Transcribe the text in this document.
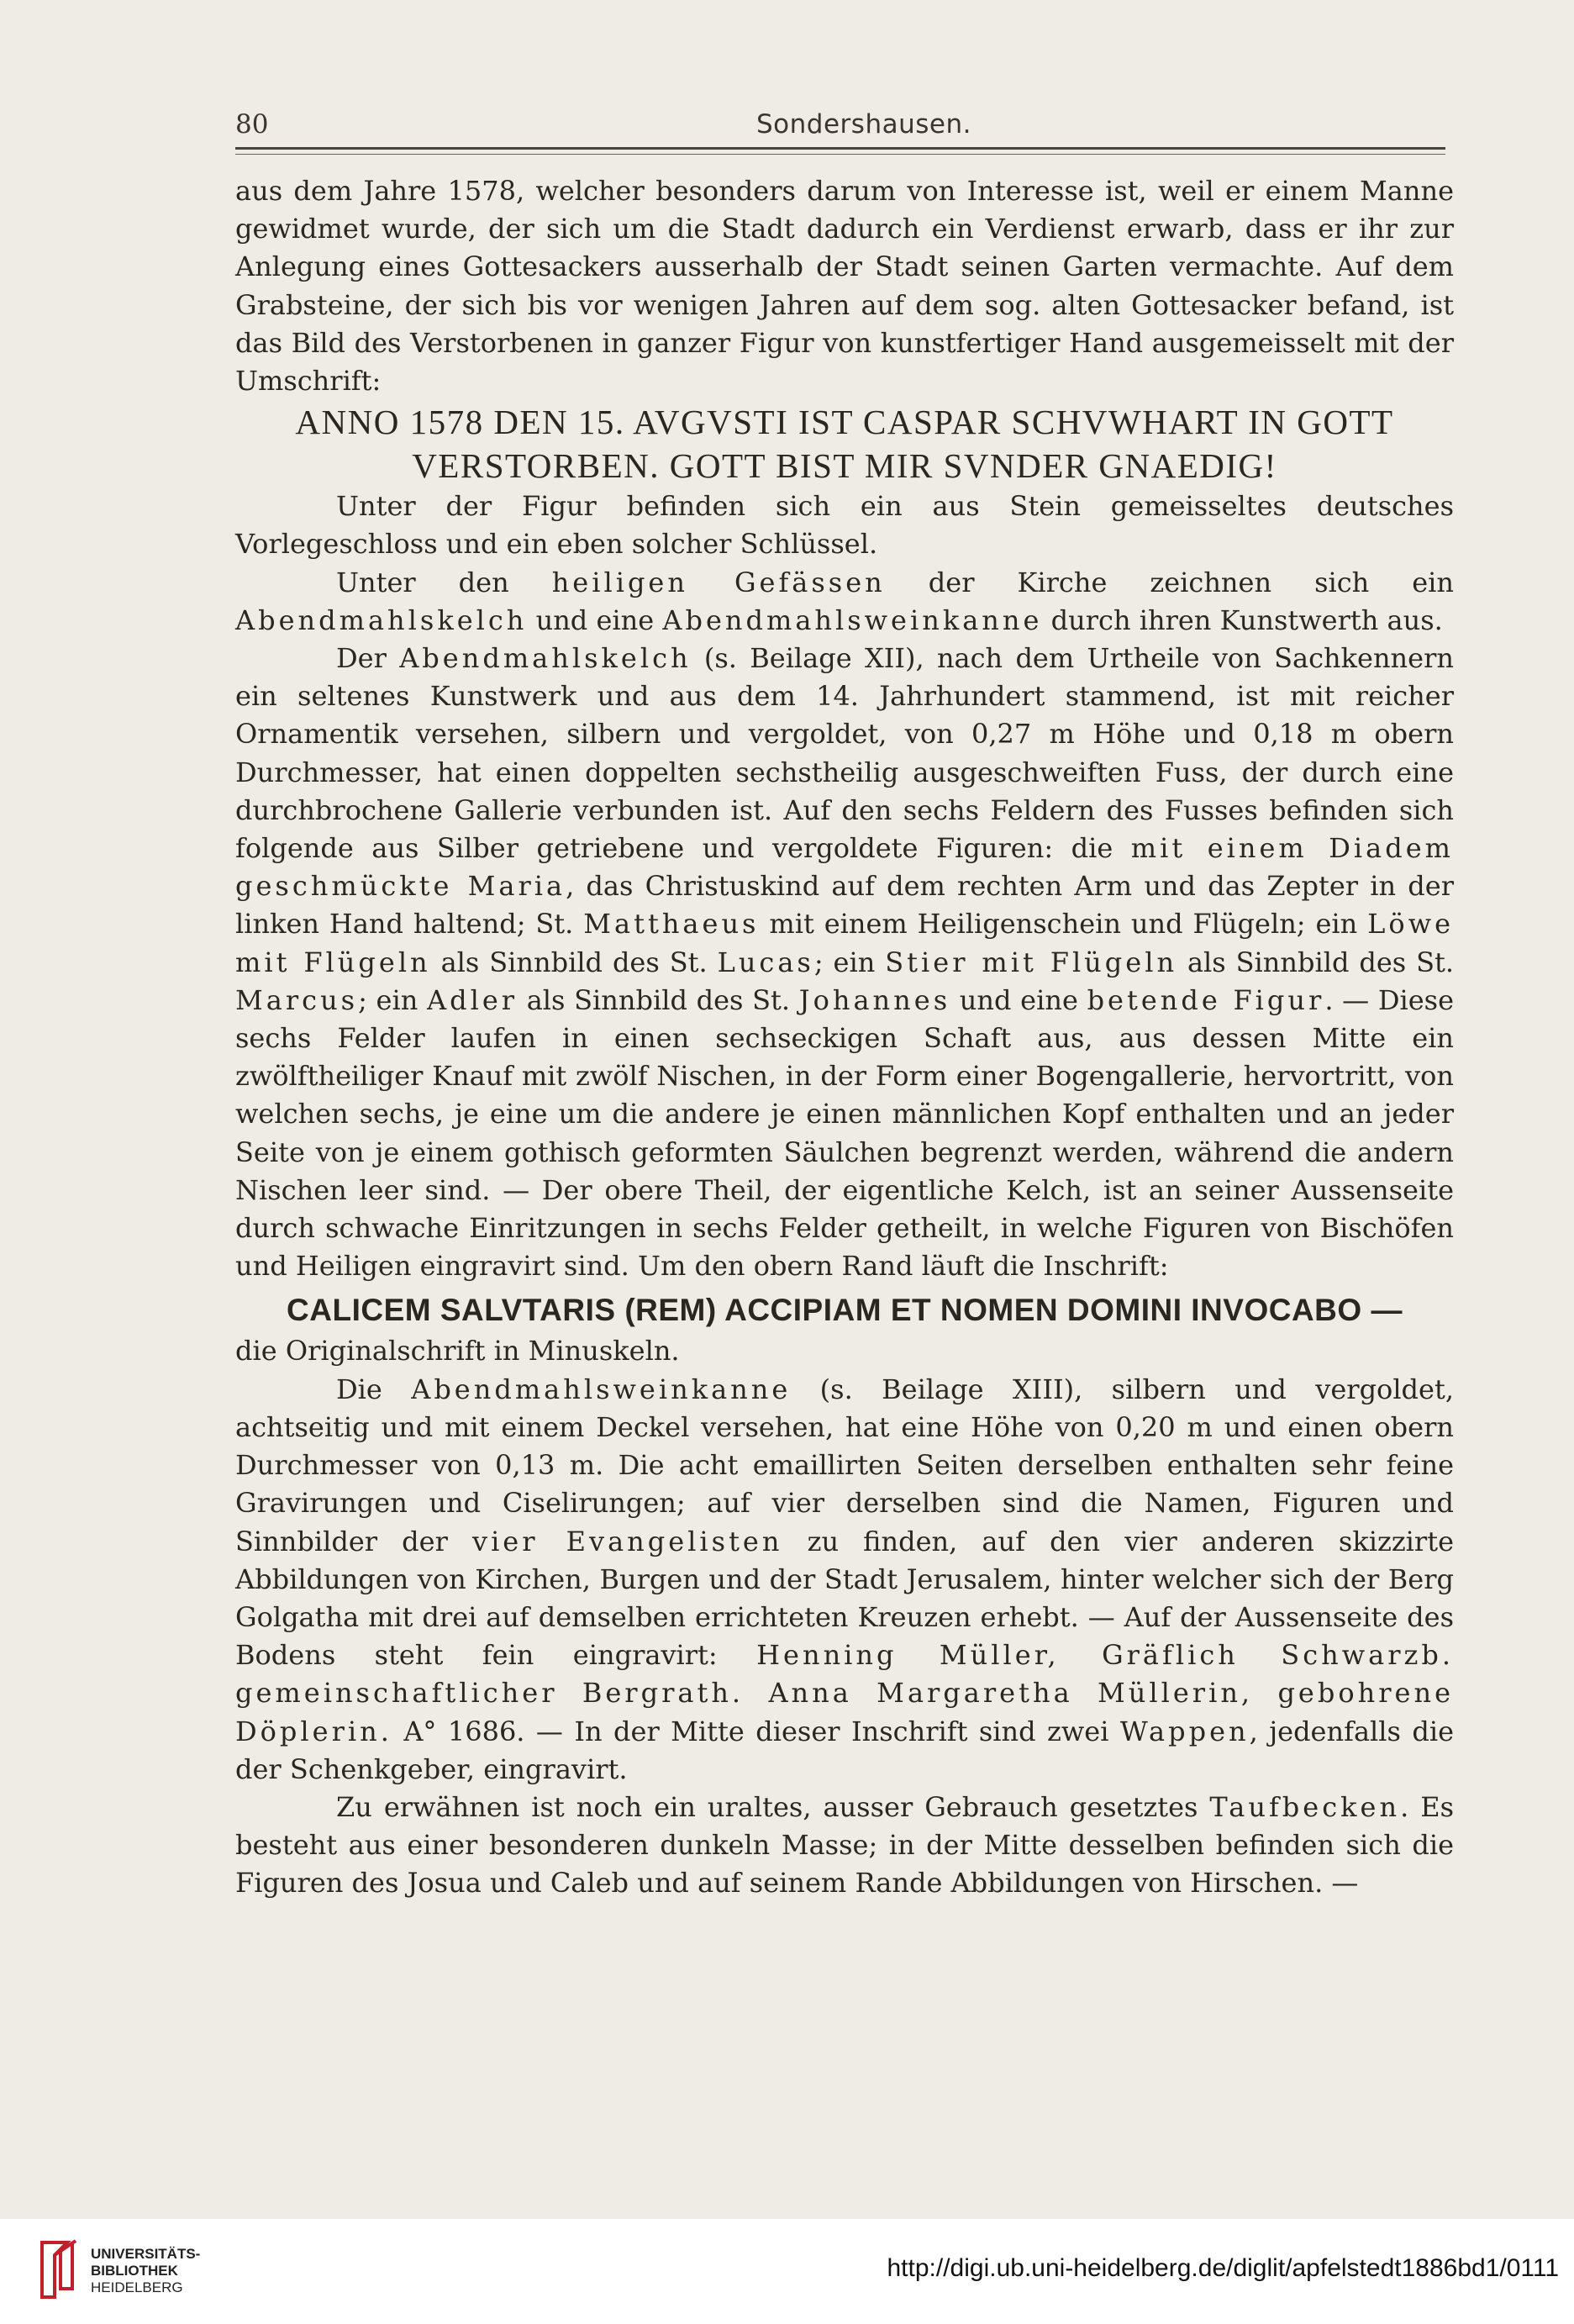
80	Sondershausen.

aus dem Jahre 1578, welcher besonders darum von Interesse ist, weil er einem Manne gewidmet wurde, der sich um die Stadt dadurch ein Verdienst erwarb, dass er ihr zur Anlegung eines Gottesackers ausserhalb der Stadt seinen Garten vermachte. Auf dem Grabsteine, der sich bis vor wenigen Jahren auf dem sog. alten Gottesacker befand, ist das Bild des Verstorbenen in ganzer Figur von kunstfertiger Hand ausgemeisselt mit der Umschrift:

ANNO 1578 DEN 15. AVGVSTI IST CASPAR SCHVWHART IN GOTT
VERSTORBEN. GOTT BIST MIR SVNDER GNAEDIG!

Unter der Figur befinden sich ein aus Stein gemeisseltes deutsches Vorlegeschloss und ein eben solcher Schlüssel.

Unter den heiligen Gefässen der Kirche zeichnen sich ein Abendmahlskelch und eine Abendmahlsweinkanne durch ihren Kunstwerth aus.

Der Abendmahlskelch (s. Beilage XII), nach dem Urtheile von Sachkennern ein seltenes Kunstwerk und aus dem 14. Jahrhundert stammend, ist mit reicher Ornamentik versehen, silbern und vergoldet, von 0,27 m Höhe und 0,18 m obern Durchmesser, hat einen doppelten sechstheilig ausgeschweiften Fuss, der durch eine durchbrochene Gallerie verbunden ist. Auf den sechs Feldern des Fusses befinden sich folgende aus Silber getriebene und vergoldete Figuren: die mit einem Diadem geschmückte Maria, das Christuskind auf dem rechten Arm und das Zepter in der linken Hand haltend; St. Matthaeus mit einem Heiligenschein und Flügeln; ein Löwe mit Flügeln als Sinnbild des St. Lucas; ein Stier mit Flügeln als Sinnbild des St. Marcus; ein Adler als Sinnbild des St. Johannes und eine betende Figur. — Diese sechs Felder laufen in einen sechseckigen Schaft aus, aus dessen Mitte ein zwölftheiliger Knauf mit zwölf Nischen, in der Form einer Bogengallerie, hervortritt, von welchen sechs, je eine um die andere je einen männlichen Kopf enthalten und an jeder Seite von je einem gothisch geformten Säulchen begrenzt werden, während die andern Nischen leer sind. — Der obere Theil, der eigentliche Kelch, ist an seiner Aussenseite durch schwache Einritzungen in sechs Felder getheilt, in welche Figuren von Bischöfen und Heiligen eingravirt sind. Um den obern Rand läuft die Inschrift:

CALICEM SALVTARIS (REM) ACCIPIAM ET NOMEN DOMINI INVOCABO —

die Originalschrift in Minuskeln.

Die Abendmahlsweinkanne (s. Beilage XIII), silbern und vergoldet, achtseitig und mit einem Deckel versehen, hat eine Höhe von 0,20 m und einen obern Durchmesser von 0,13 m. Die acht emaillirten Seiten derselben enthalten sehr feine Gravirungen und Ciselirungen; auf vier derselben sind die Namen, Figuren und Sinnbilder der vier Evangelisten zu finden, auf den vier anderen skizzirte Abbildungen von Kirchen, Burgen und der Stadt Jerusalem, hinter welcher sich der Berg Golgatha mit drei auf demselben errichteten Kreuzen erhebt. — Auf der Aussenseite des Bodens steht fein eingravirt: Henning Müller, Gräflich Schwarzb. gemeinschaftlicher Bergrath. Anna Margaretha Müllerin, gebohrene Döplerin. A° 1686. — In der Mitte dieser Inschrift sind zwei Wappen, jedenfalls die der Schenkgeber, eingravirt.

Zu erwähnen ist noch ein uraltes, ausser Gebrauch gesetztes Taufbecken. Es besteht aus einer besonderen dunkeln Masse; in der Mitte desselben befinden sich die Figuren des Josua und Caleb und auf seinem Rande Abbildungen von Hirschen. —

UNIVERSITÄTS-
BIBLIOTHEK
HEIDELBERG
http://digi.ub.uni-heidelberg.de/diglit/apfelstedt1886bd1/0111
